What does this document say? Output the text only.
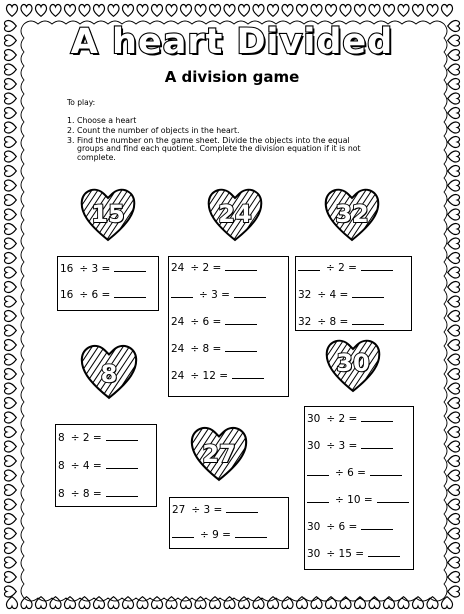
A heart Divided
A division game
To play:
1. Choose a heart
2. Count the number of objects in the heart.
3. Find the number on the game sheet. Divide the objects into the equal groups and find each quotient. Complete the division equation if it is not complete.
15	24	32
8	30
27
16 ÷ 3 =
16 ÷ 6 =
24 ÷ 2 =
÷ 3 =
24 ÷ 6 =
24 ÷ 8 =
24 ÷ 12 =
÷ 2 =
32 ÷ 4 =
32 ÷ 8 =
8 ÷ 2 =
8 ÷ 4 =
8 ÷ 8 =
27 ÷ 3 =
÷ 9 =
30 ÷ 2 =
30 ÷ 3 =
÷ 6 =
÷ 10 =
30 ÷ 6 =
30 ÷ 15 =
